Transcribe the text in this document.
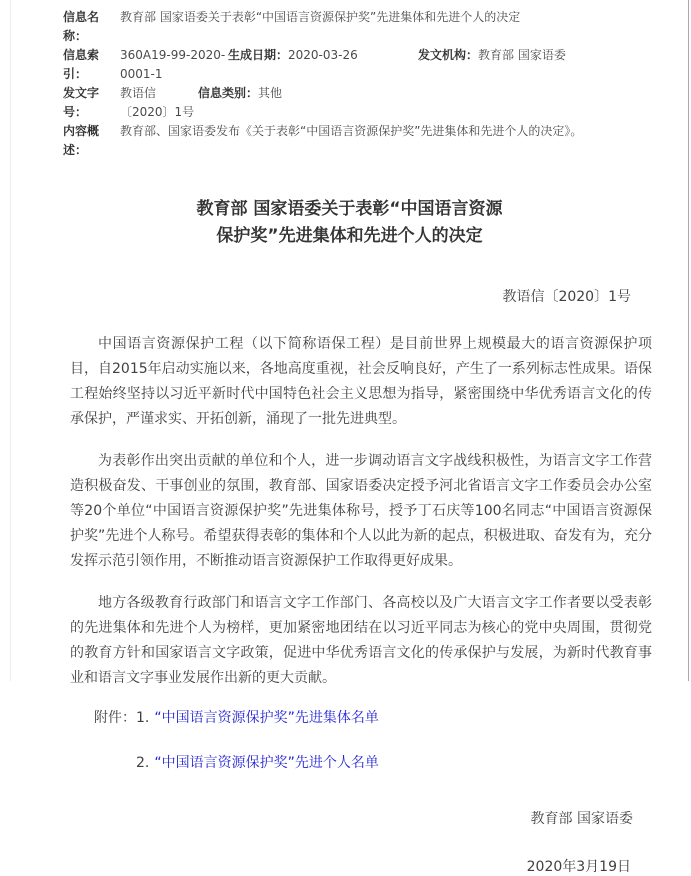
信息名称：
教育部 国家语委关于表彰“中国语言资源保护奖”先进集体和先进个人的决定
信息索引：
360A19-99-2020-0001-1
生成日期： 2020-03-26	发文机构： 教育部 国家语委
发文字号：
教语信〔2020〕1号
信息类别： 其他
内容概述：
教育部、国家语委发布《关于表彰“中国语言资源保护奖”先进集体和先进个人的决定》。
教育部 国家语委关于表彰“中国语言资源
保护奖”先进集体和先进个人的决定
教语信〔2020〕1号

中国语言资源保护工程（以下简称语保工程）是目前世界上规模最大的语言资源保护项目，自2015年启动实施以来，各地高度重视，社会反响良好，产生了一系列标志性成果。语保工程始终坚持以习近平新时代中国特色社会主义思想为指导，紧密围绕中华优秀语言文化的传承保护，严谨求实、开拓创新，涌现了一批先进典型。

为表彰作出突出贡献的单位和个人，进一步调动语言文字战线积极性，为语言文字工作营造积极奋发、干事创业的氛围，教育部、国家语委决定授予河北省语言文字工作委员会办公室等20个单位“中国语言资源保护奖”先进集体称号，授予丁石庆等100名同志“中国语言资源保护奖”先进个人称号。希望获得表彰的集体和个人以此为新的起点，积极进取、奋发有为，充分发挥示范引领作用，不断推动语言资源保护工作取得更好成果。

地方各级教育行政部门和语言文字工作部门、各高校以及广大语言文字工作者要以受表彰的先进集体和先进个人为榜样，更加紧密地团结在以习近平同志为核心的党中央周围，贯彻党的教育方针和国家语言文字政策，促进中华优秀语言文化的传承保护与发展，为新时代教育事业和语言文字事业发展作出新的更大贡献。

附件：1. “中国语言资源保护奖”先进集体名单
2. “中国语言资源保护奖”先进个人名单
教育部 国家语委
2020年3月19日
